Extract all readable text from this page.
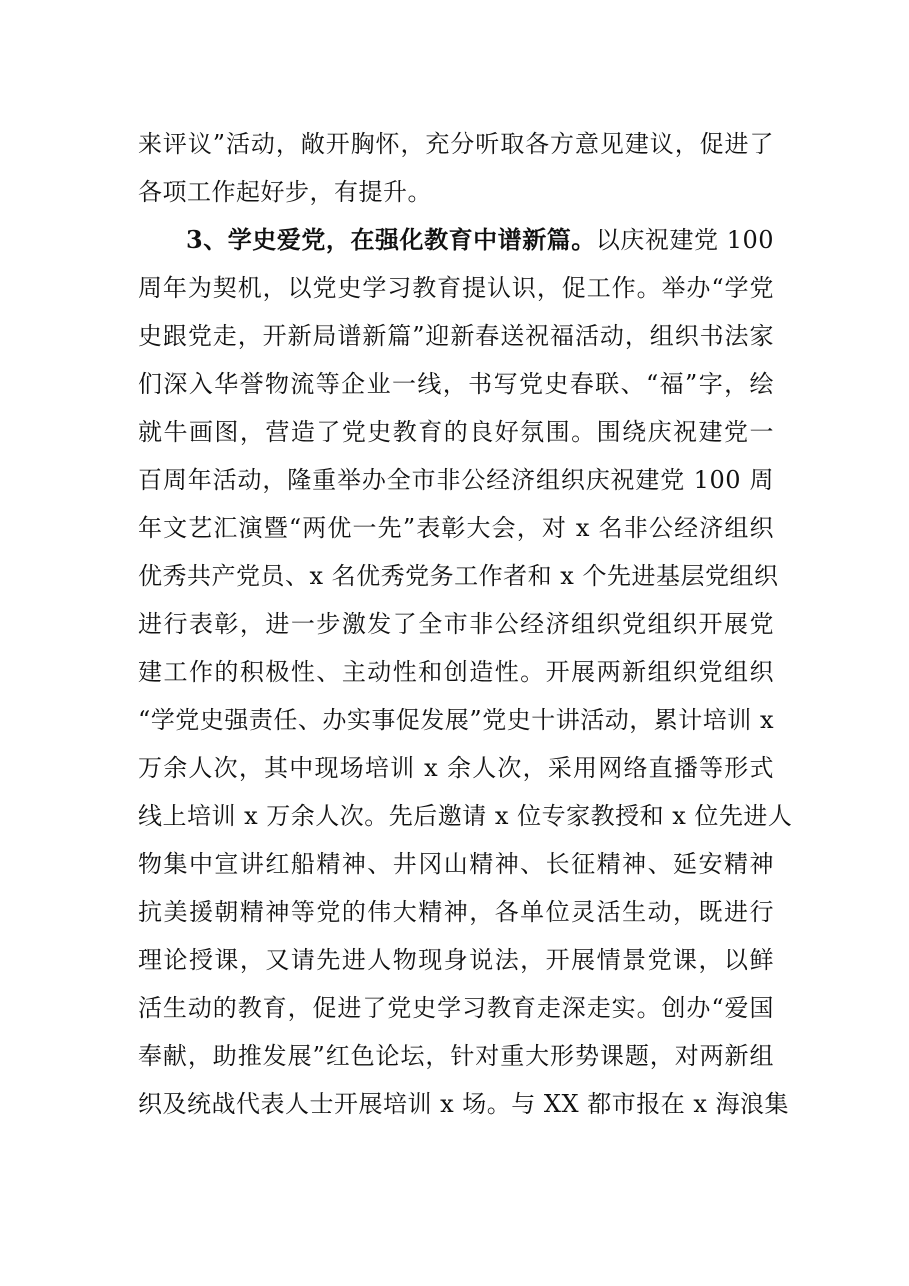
来评议”活动，敞开胸怀，充分听取各方意见建议，促进了
各项工作起好步，有提升。
3、学史爱党，在强化教育中谱新篇。以庆祝建党 100
周年为契机，以党史学习教育提认识，促工作。举办“学党
史跟党走，开新局谱新篇”迎新春送祝福活动，组织书法家
们深入华誉物流等企业一线，书写党史春联、“福”字，绘
就牛画图，营造了党史教育的良好氛围。围绕庆祝建党一
百周年活动，隆重举办全市非公经济组织庆祝建党 100 周
年文艺汇演暨“两优一先”表彰大会，对 x 名非公经济组织
优秀共产党员、x 名优秀党务工作者和 x 个先进基层党组织
进行表彰，进一步激发了全市非公经济组织党组织开展党
建工作的积极性、主动性和创造性。开展两新组织党组织
“学党史强责任、办实事促发展”党史十讲活动，累计培训 x
万余人次，其中现场培训 x 余人次，采用网络直播等形式
线上培训 x 万余人次。先后邀请 x 位专家教授和 x 位先进人
物集中宣讲红船精神、井冈山精神、长征精神、延安精神
抗美援朝精神等党的伟大精神，各单位灵活生动，既进行
理论授课，又请先进人物现身说法，开展情景党课，以鲜
活生动的教育，促进了党史学习教育走深走实。创办“爱国
奉献，助推发展”红色论坛，针对重大形势课题，对两新组
织及统战代表人士开展培训 x 场。与 XX 都市报在 x 海浪集
